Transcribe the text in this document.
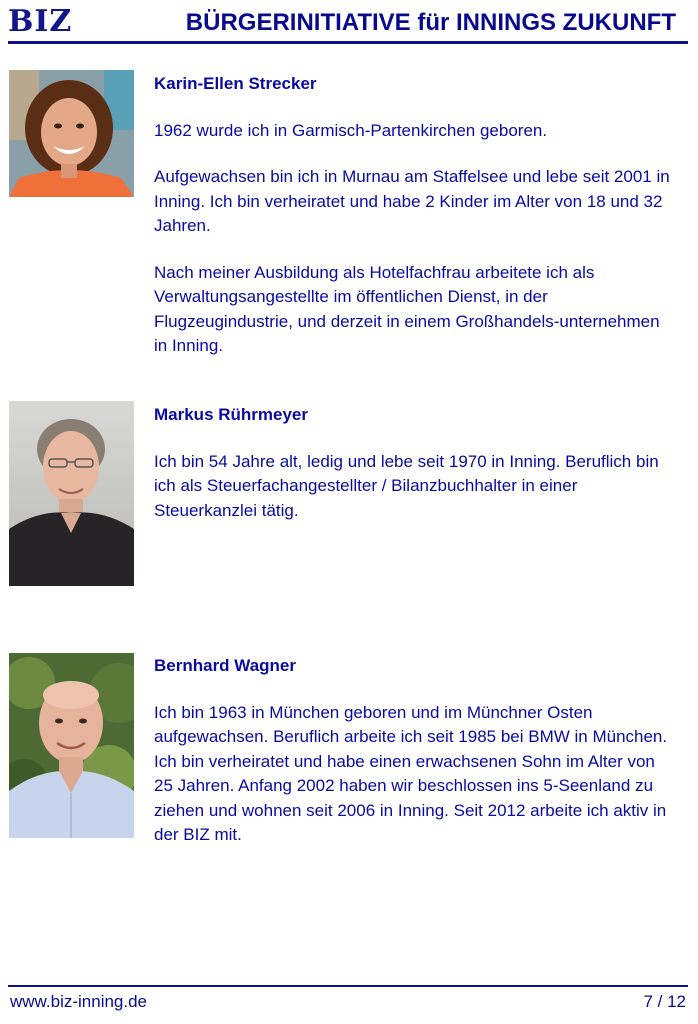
BIZ	BÜRGERINITIATIVE für INNINGS ZUKUNFT

Karin-Ellen Strecker

1962 wurde ich in Garmisch-Partenkirchen geboren.

Aufgewachsen bin ich in Murnau am Staffelsee und lebe seit 2001 in Inning. Ich bin verheiratet und habe 2 Kinder im Alter von 18 und 32 Jahren.

Nach meiner Ausbildung als Hotelfachfrau arbeitete ich als Verwaltungsangestellte im öffentlichen Dienst, in der Flugzeugindustrie, und derzeit in einem Großhandels-unternehmen in Inning.

Markus Rührmeyer

Ich bin 54 Jahre alt, ledig und lebe seit 1970 in Inning. Beruflich bin ich als Steuerfachangestellter / Bilanzbuchhalter in einer Steuerkanzlei tätig.

Bernhard Wagner

Ich bin 1963 in München geboren und im Münchner Osten aufgewachsen. Beruflich arbeite ich seit 1985 bei BMW in München. Ich bin verheiratet und habe einen erwachsenen Sohn im Alter von 25 Jahren. Anfang 2002 haben wir beschlossen ins 5-Seenland zu ziehen und wohnen seit 2006 in Inning. Seit 2012 arbeite ich aktiv in der BIZ mit.

www.biz-inning.de	7 / 12
